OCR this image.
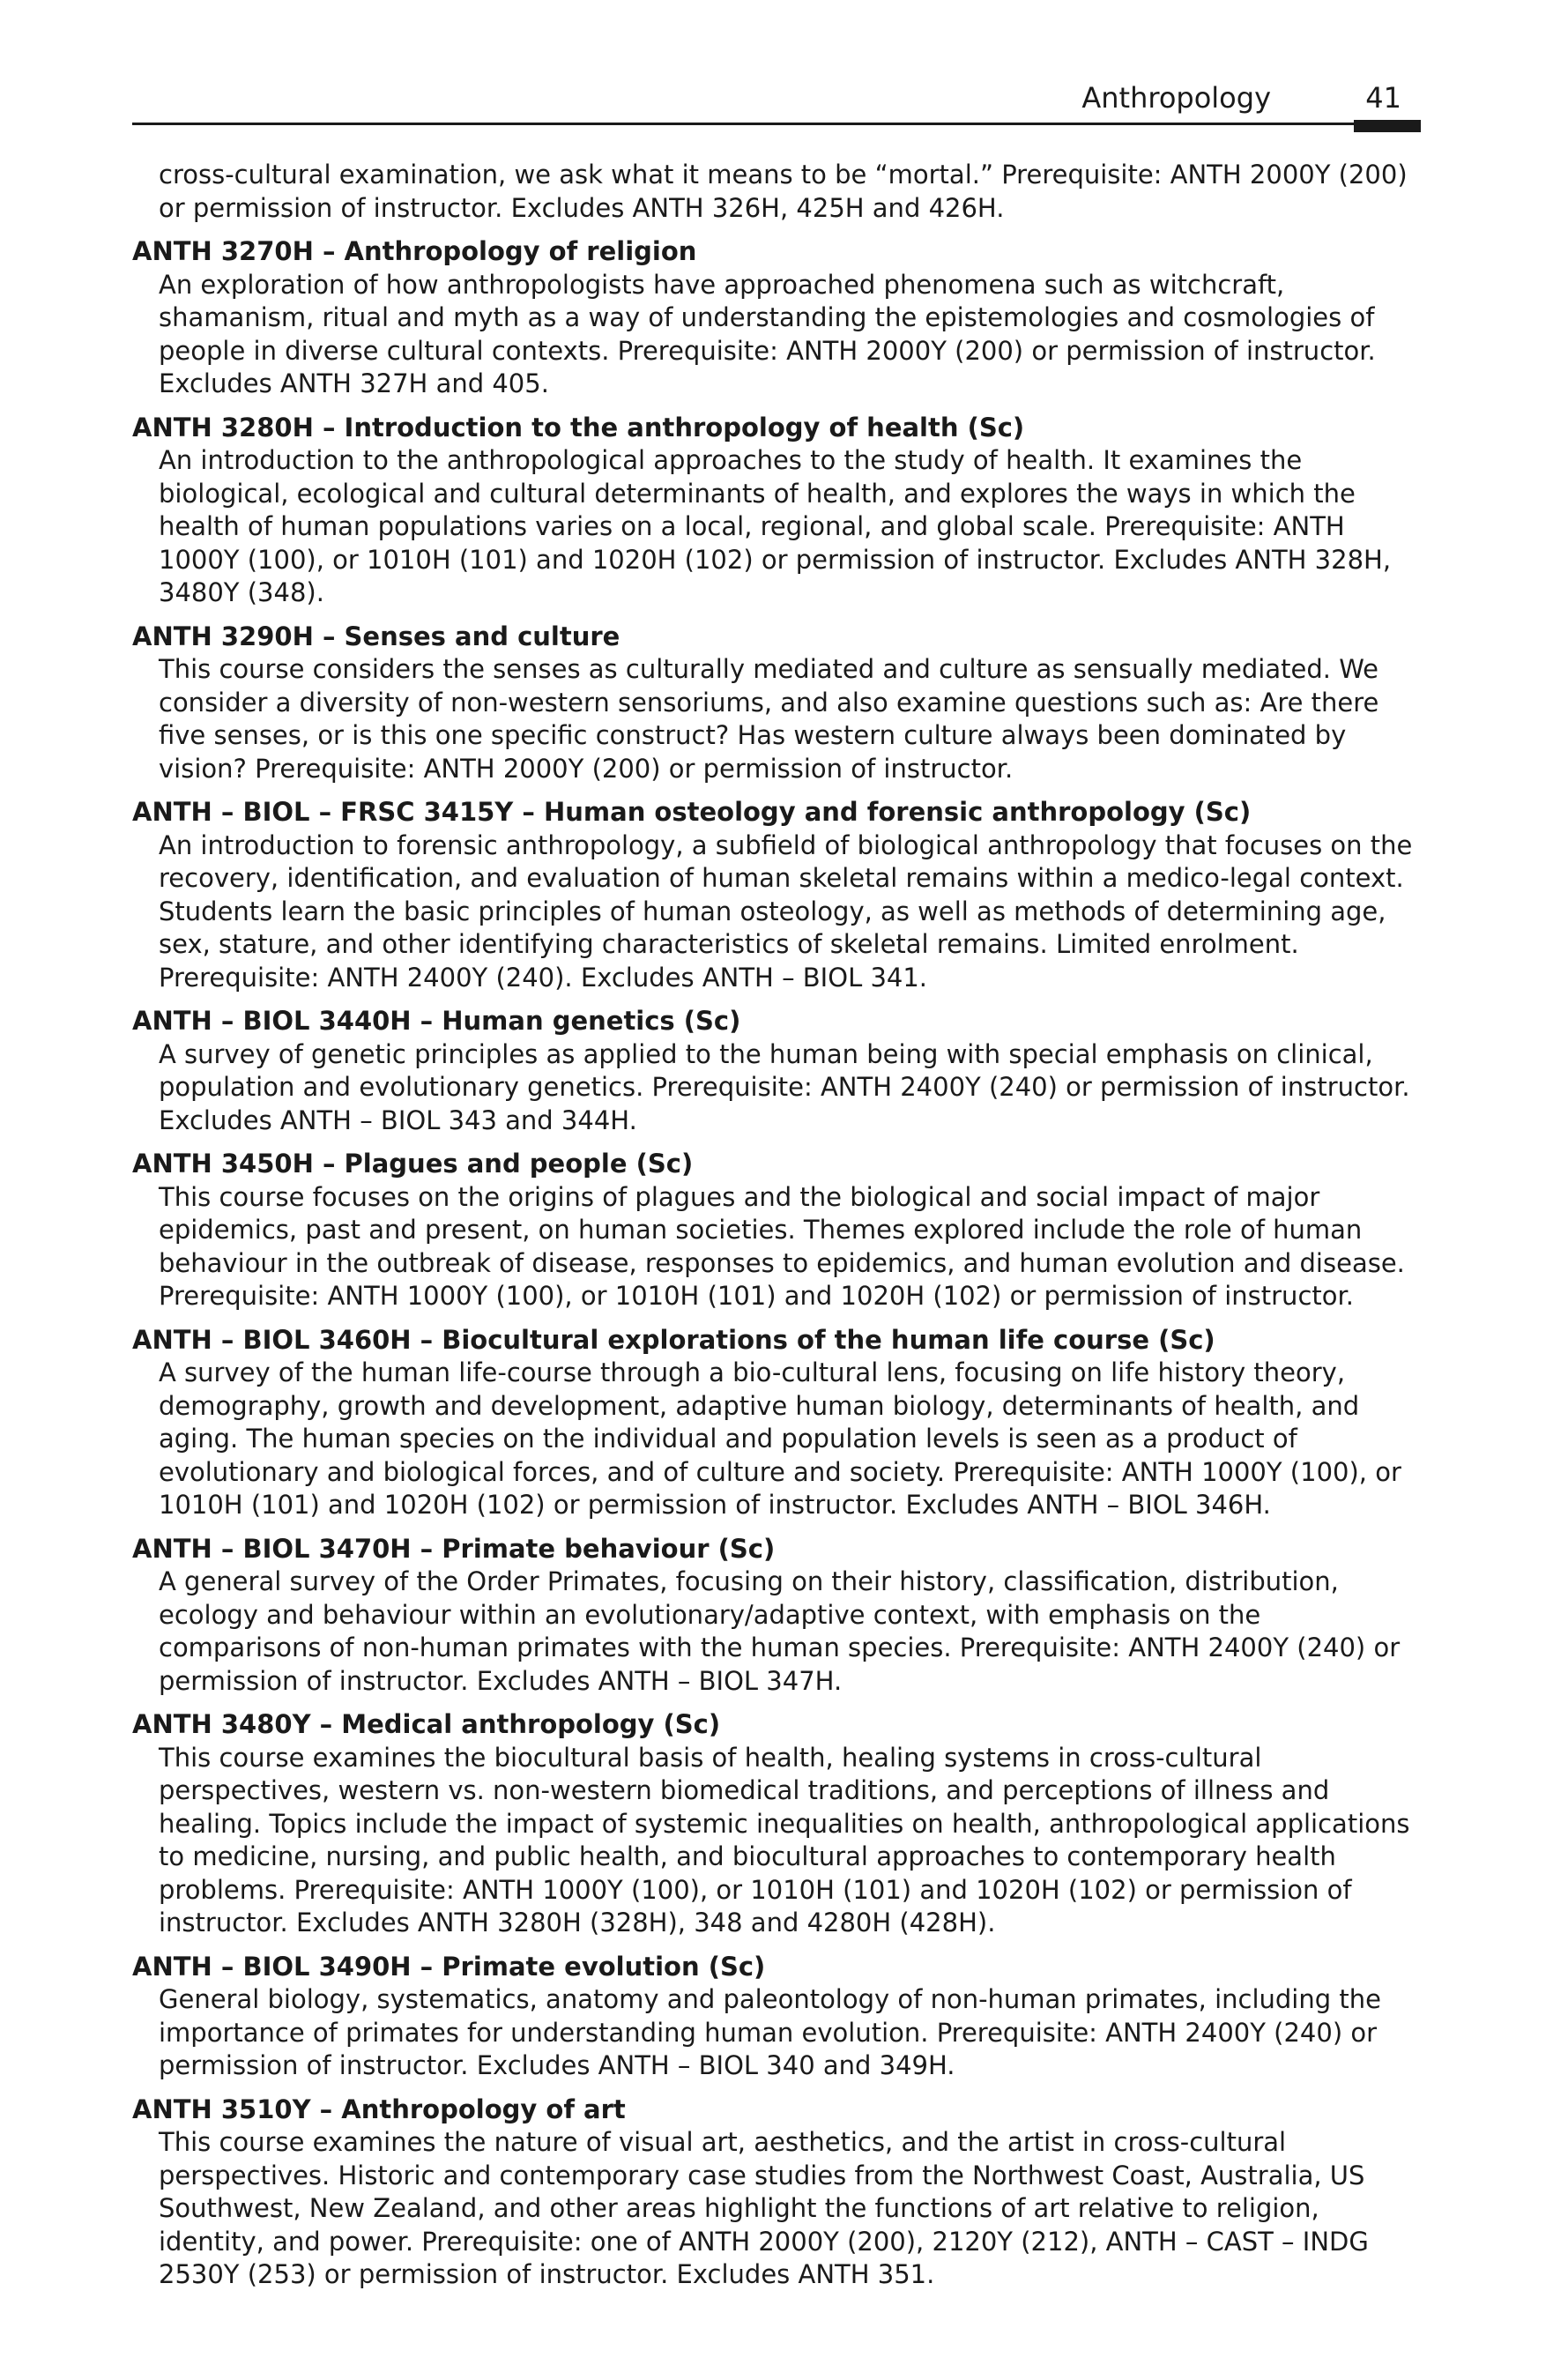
Anthropology	41

cross-cultural examination, we ask what it means to be “mortal.” Prerequisite: ANTH 2000Y (200) or permission of instructor. Excludes ANTH 326H, 425H and 426H.

ANTH 3270H – Anthropology of religion
An exploration of how anthropologists have approached phenomena such as witchcraft, shamanism, ritual and myth as a way of understanding the epistemologies and cosmologies of people in diverse cultural contexts. Prerequisite: ANTH 2000Y (200) or permission of instructor. Excludes ANTH 327H and 405.
ANTH 3280H – Introduction to the anthropology of health (Sc)
An introduction to the anthropological approaches to the study of health. It examines the biological, ecological and cultural determinants of health, and explores the ways in which the health of human populations varies on a local, regional, and global scale. Prerequisite: ANTH 1000Y (100), or 1010H (101) and 1020H (102) or permission of instructor. Excludes ANTH 328H, 3480Y (348).
ANTH 3290H – Senses and culture
This course considers the senses as culturally mediated and culture as sensually mediated. We consider a diversity of non-western sensoriums, and also examine questions such as: Are there five senses, or is this one specific construct? Has western culture always been dominated by vision? Prerequisite: ANTH 2000Y (200) or permission of instructor.
ANTH – BIOL – FRSC 3415Y – Human osteology and forensic anthropology (Sc)
An introduction to forensic anthropology, a subfield of biological anthropology that focuses on the recovery, identification, and evaluation of human skeletal remains within a medico-legal context. Students learn the basic principles of human osteology, as well as methods of determining age, sex, stature, and other identifying characteristics of skeletal remains. Limited enrolment. Prerequisite: ANTH 2400Y (240). Excludes ANTH – BIOL 341.
ANTH – BIOL 3440H – Human genetics (Sc)
A survey of genetic principles as applied to the human being with special emphasis on clinical, population and evolutionary genetics. Prerequisite: ANTH 2400Y (240) or permission of instructor. Excludes ANTH – BIOL 343 and 344H.
ANTH 3450H – Plagues and people (Sc)
This course focuses on the origins of plagues and the biological and social impact of major epidemics, past and present, on human societies. Themes explored include the role of human behaviour in the outbreak of disease, responses to epidemics, and human evolution and disease. Prerequisite: ANTH 1000Y (100), or 1010H (101) and 1020H (102) or permission of instructor.
ANTH – BIOL 3460H – Biocultural explorations of the human life course (Sc)
A survey of the human life-course through a bio-cultural lens, focusing on life history theory, demography, growth and development, adaptive human biology, determinants of health, and aging. The human species on the individual and population levels is seen as a product of evolutionary and biological forces, and of culture and society. Prerequisite: ANTH 1000Y (100), or 1010H (101) and 1020H (102) or permission of instructor. Excludes ANTH – BIOL 346H.
ANTH – BIOL 3470H – Primate behaviour (Sc)
A general survey of the Order Primates, focusing on their history, classification, distribution, ecology and behaviour within an evolutionary/adaptive context, with emphasis on the comparisons of non-human primates with the human species. Prerequisite: ANTH 2400Y (240) or permission of instructor. Excludes ANTH – BIOL 347H.
ANTH 3480Y – Medical anthropology (Sc)
This course examines the biocultural basis of health, healing systems in cross-cultural perspectives, western vs. non-western biomedical traditions, and perceptions of illness and healing. Topics include the impact of systemic inequalities on health, anthropological applications to medicine, nursing, and public health, and biocultural approaches to contemporary health problems. Prerequisite: ANTH 1000Y (100), or 1010H (101) and 1020H (102) or permission of instructor. Excludes ANTH 3280H (328H), 348 and 4280H (428H).
ANTH – BIOL 3490H – Primate evolution (Sc)
General biology, systematics, anatomy and paleontology of non-human primates, including the importance of primates for understanding human evolution. Prerequisite: ANTH 2400Y (240) or permission of instructor. Excludes ANTH – BIOL 340 and 349H.
ANTH 3510Y – Anthropology of art
This course examines the nature of visual art, aesthetics, and the artist in cross-cultural perspectives. Historic and contemporary case studies from the Northwest Coast, Australia, US Southwest, New Zealand, and other areas highlight the functions of art relative to religion, identity, and power. Prerequisite: one of ANTH 2000Y (200), 2120Y (212), ANTH – CAST – INDG 2530Y (253) or permission of instructor. Excludes ANTH 351.
